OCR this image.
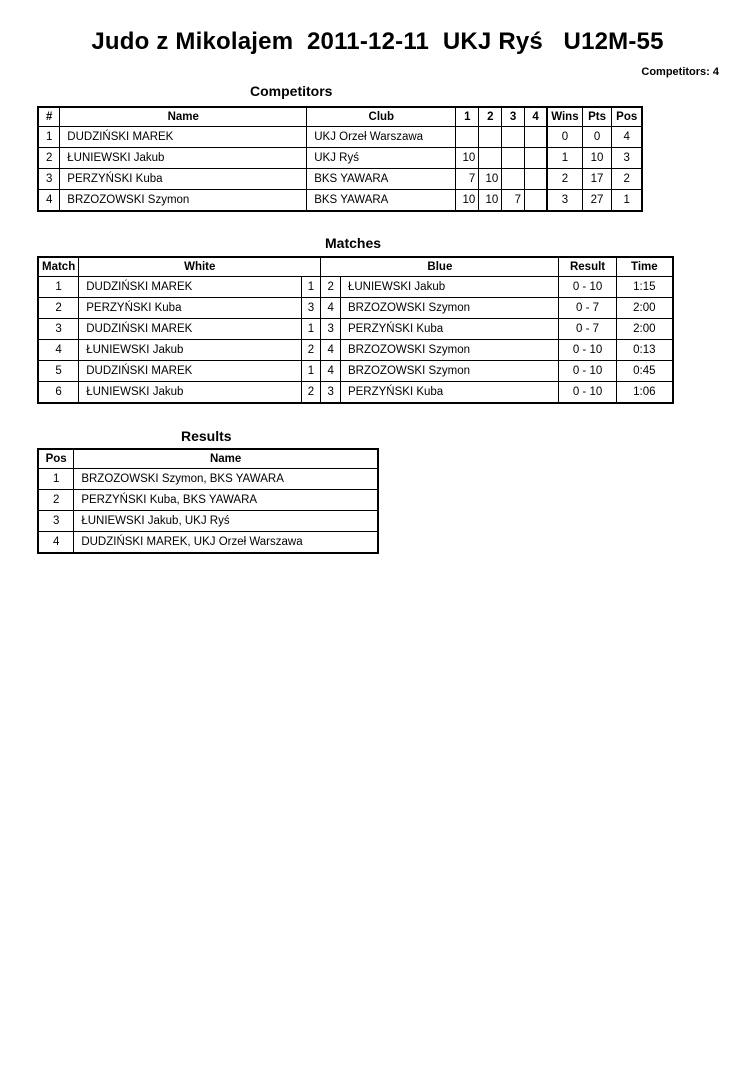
Judo z Mikolajem  2011-12-11  UKJ Ryś   U12M-55
Competitors: 4
Competitors
#	Name	Club	1	2	3	4	Wins	Pts	Pos
1	DUDZIŃSKI MAREK	UKJ Orzeł Warszawa					0	0	4
2	ŁUNIEWSKI Jakub	UKJ Ryś	10				1	10	3
3	PERZYŃSKI Kuba	BKS YAWARA	7	10			2	17	2
4	BRZOZOWSKI Szymon	BKS YAWARA	10	10	7		3	27	1
Matches
Match	White		Blue		Result	Time
1	DUDZIŃSKI MAREK	1	2	ŁUNIEWSKI Jakub	0 - 10	1:15
2	PERZYŃSKI Kuba	3	4	BRZOZOWSKI Szymon	0 - 7	2:00
3	DUDZIŃSKI MAREK	1	3	PERZYŃSKI Kuba	0 - 7	2:00
4	ŁUNIEWSKI Jakub	2	4	BRZOZOWSKI Szymon	0 - 10	0:13
5	DUDZIŃSKI MAREK	1	4	BRZOZOWSKI Szymon	0 - 10	0:45
6	ŁUNIEWSKI Jakub	2	3	PERZYŃSKI Kuba	0 - 10	1:06
Results
Pos	Name
1	BRZOZOWSKI Szymon, BKS YAWARA
2	PERZYŃSKI Kuba, BKS YAWARA
3	ŁUNIEWSKI Jakub, UKJ Ryś
4	DUDZIŃSKI MAREK, UKJ Orzeł Warszawa
